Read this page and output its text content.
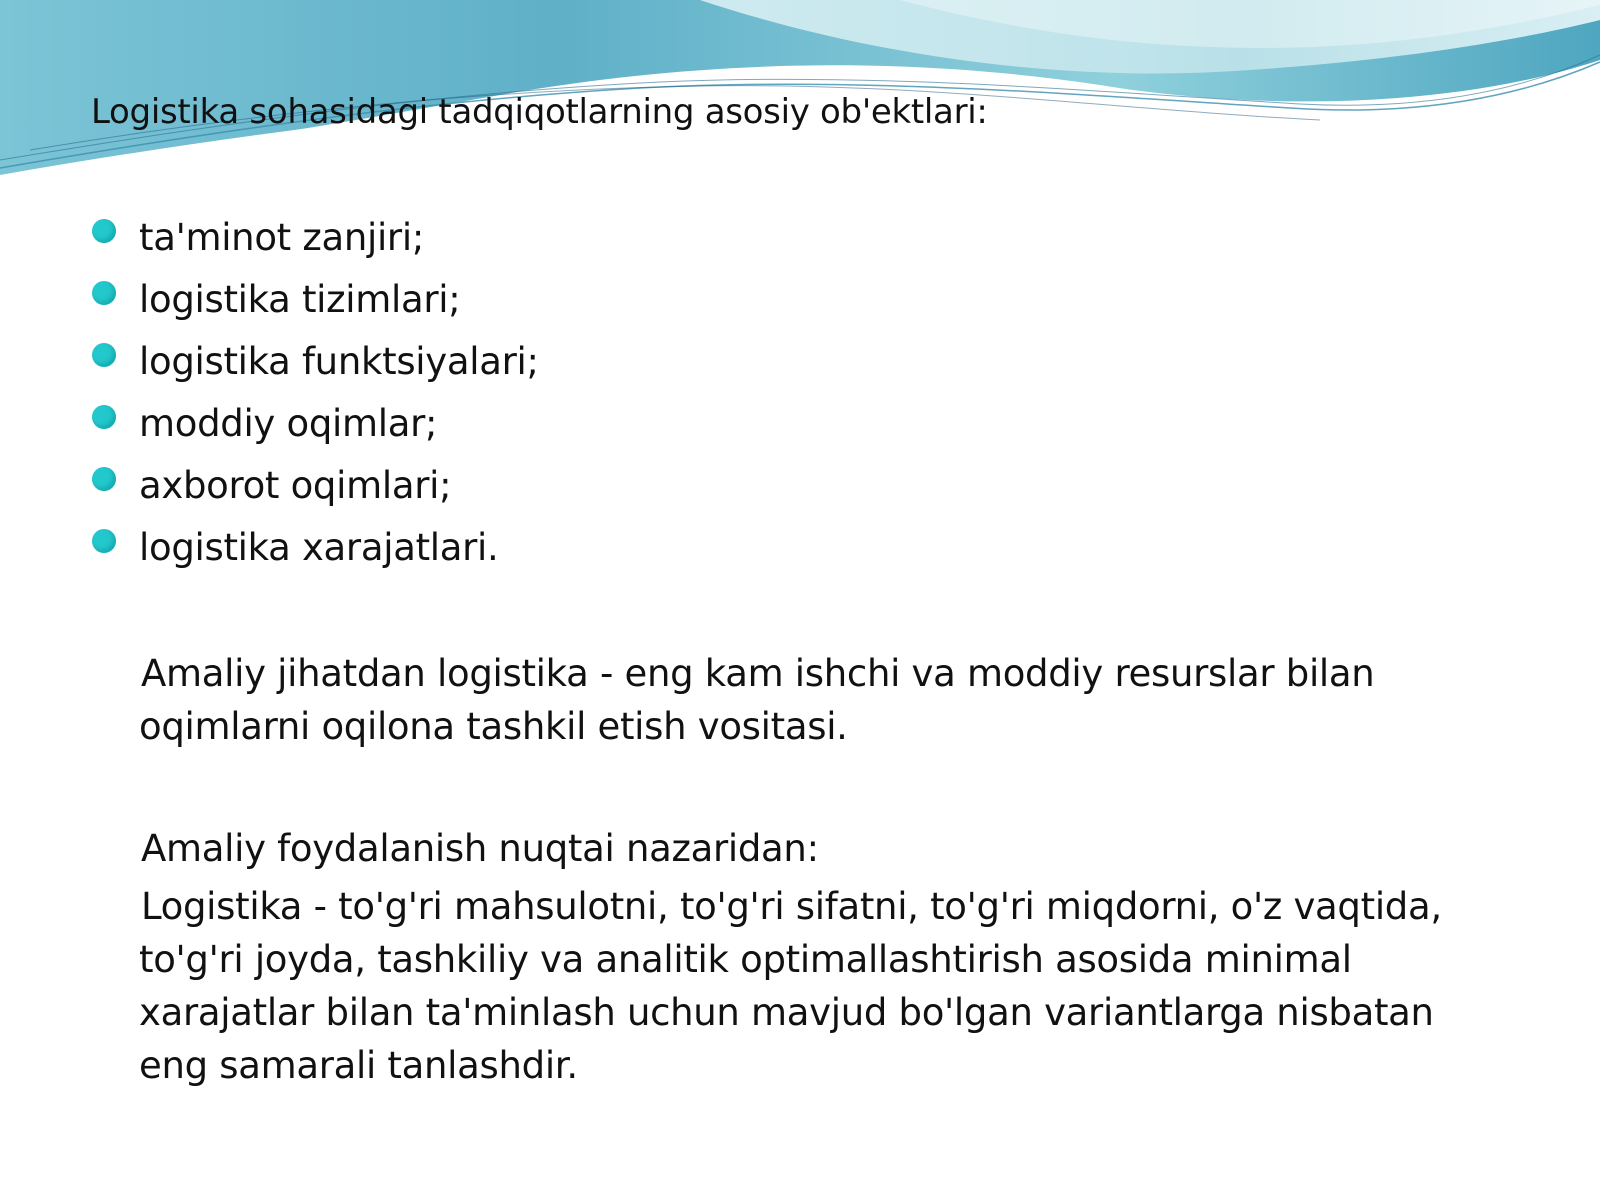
Logistika sohasidagi tadqiqotlarning asosiy ob'ektlari:
ta'minot zanjiri;
logistika tizimlari;
logistika funktsiyalari;
moddiy oqimlar;
axborot oqimlari;
logistika xarajatlari.

Amaliy jihatdan logistika - eng kam ishchi va moddiy resurslar bilan oqimlarni oqilona tashkil etish vositasi.

Amaliy foydalanish nuqtai nazaridan:

Logistika - to'g'ri mahsulotni, to'g'ri sifatni, to'g'ri miqdorni, o'z vaqtida, to'g'ri joyda, tashkiliy va analitik optimallashtirish asosida minimal xarajatlar bilan ta'minlash uchun mavjud bo'lgan variantlarga nisbatan eng samarali tanlashdir.
